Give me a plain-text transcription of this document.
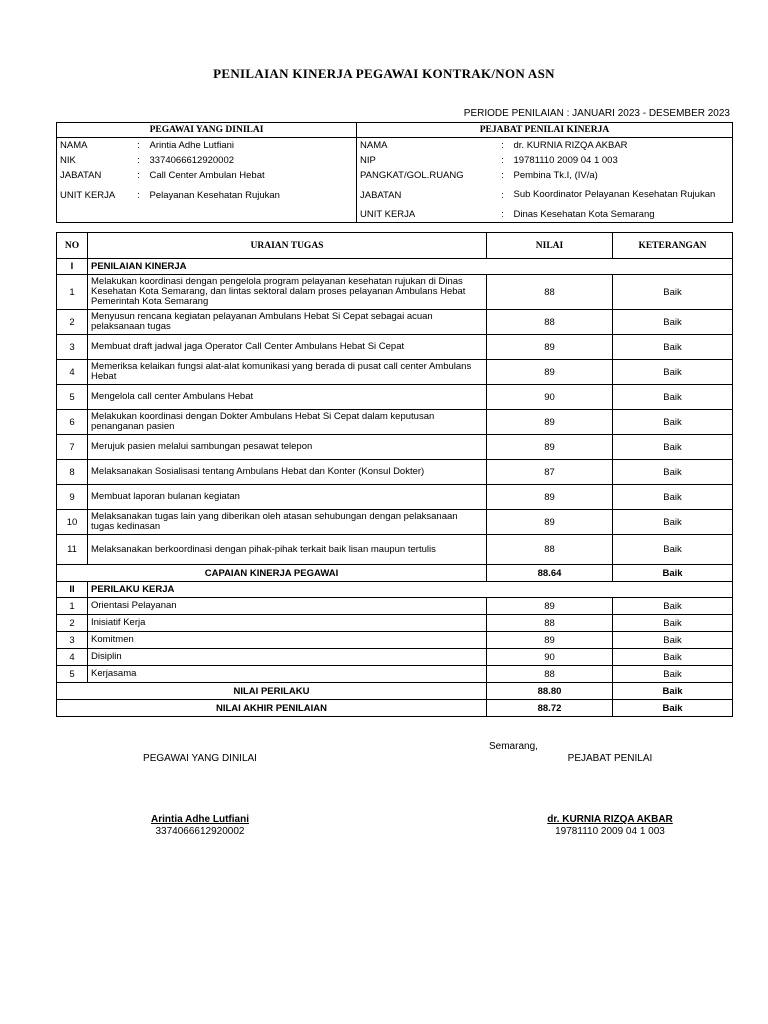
PENILAIAN KINERJA PEGAWAI KONTRAK/NON ASN
PERIODE PENILAIAN : JANUARI 2023 - DESEMBER 2023
PEGAWAI YANG DINILAI			PEJABAT PENILAI KINERJA		
NAMA	:	Arintia Adhe Lutfiani	NAMA	:	dr. KURNIA RIZQA AKBAR
NIK	:	3374066612920002	NIP	:	19781110 2009 04 1 003
JABATAN	:	Call Center Ambulan Hebat	PANGKAT/GOL.RUANG	:	Pembina Tk.I, (IV/a)
UNIT KERJA	:	Pelayanan Kesehatan Rujukan	JABATAN	:	Sub Koordinator Pelayanan Kesehatan Rujukan
			UNIT KERJA	:	Dinas Kesehatan Kota Semarang
NO	URAIAN TUGAS	NILAI	KETERANGAN
I	PENILAIAN KINERJA		
1	Melakukan koordinasi dengan pengelola program pelayanan kesehatan rujukan di Dinas Kesehatan Kota Semarang, dan lintas sektoral dalam proses pelayanan Ambulans Hebat Pemerintah Kota Semarang	88	Baik
2	Menyusun rencana kegiatan pelayanan Ambulans Hebat Si Cepat sebagai acuan pelaksanaan tugas	88	Baik
3	Membuat draft jadwal jaga Operator Call Center Ambulans Hebat Si Cepat	89	Baik
4	Memeriksa kelaikan fungsi alat-alat komunikasi yang berada di pusat call center Ambulans Hebat	89	Baik
5	Mengelola call center Ambulans Hebat	90	Baik
6	Melakukan koordinasi dengan Dokter Ambulans Hebat Si Cepat dalam keputusan penanganan pasien	89	Baik
7	Merujuk pasien melalui sambungan pesawat telepon	89	Baik
8	Melaksanakan Sosialisasi tentang Ambulans Hebat dan Konter (Konsul Dokter)	87	Baik
9	Membuat laporan bulanan kegiatan	89	Baik
10	Melaksanakan tugas lain yang diberikan oleh atasan sehubungan dengan pelaksanaan tugas kedinasan	89	Baik
11	Melaksanakan berkoordinasi dengan pihak-pihak terkait baik lisan maupun tertulis	88	Baik
CAPAIAN KINERJA PEGAWAI		88.64	Baik
II	PERILAKU KERJA		
1	Orientasi Pelayanan	89	Baik
2	Inisiatif Kerja	88	Baik
3	Komitmen	89	Baik
4	Disiplin	90	Baik
5	Kerjasama	88	Baik
NILAI PERILAKU		88.80	Baik
NILAI AKHIR PENILAIAN		88.72	Baik
Semarang,
PEGAWAI YANG DINILAI	PEJABAT PENILAI
Arintia Adhe Lutfiani
3374066612920002
dr. KURNIA RIZQA AKBAR
19781110 2009 04 1 003
